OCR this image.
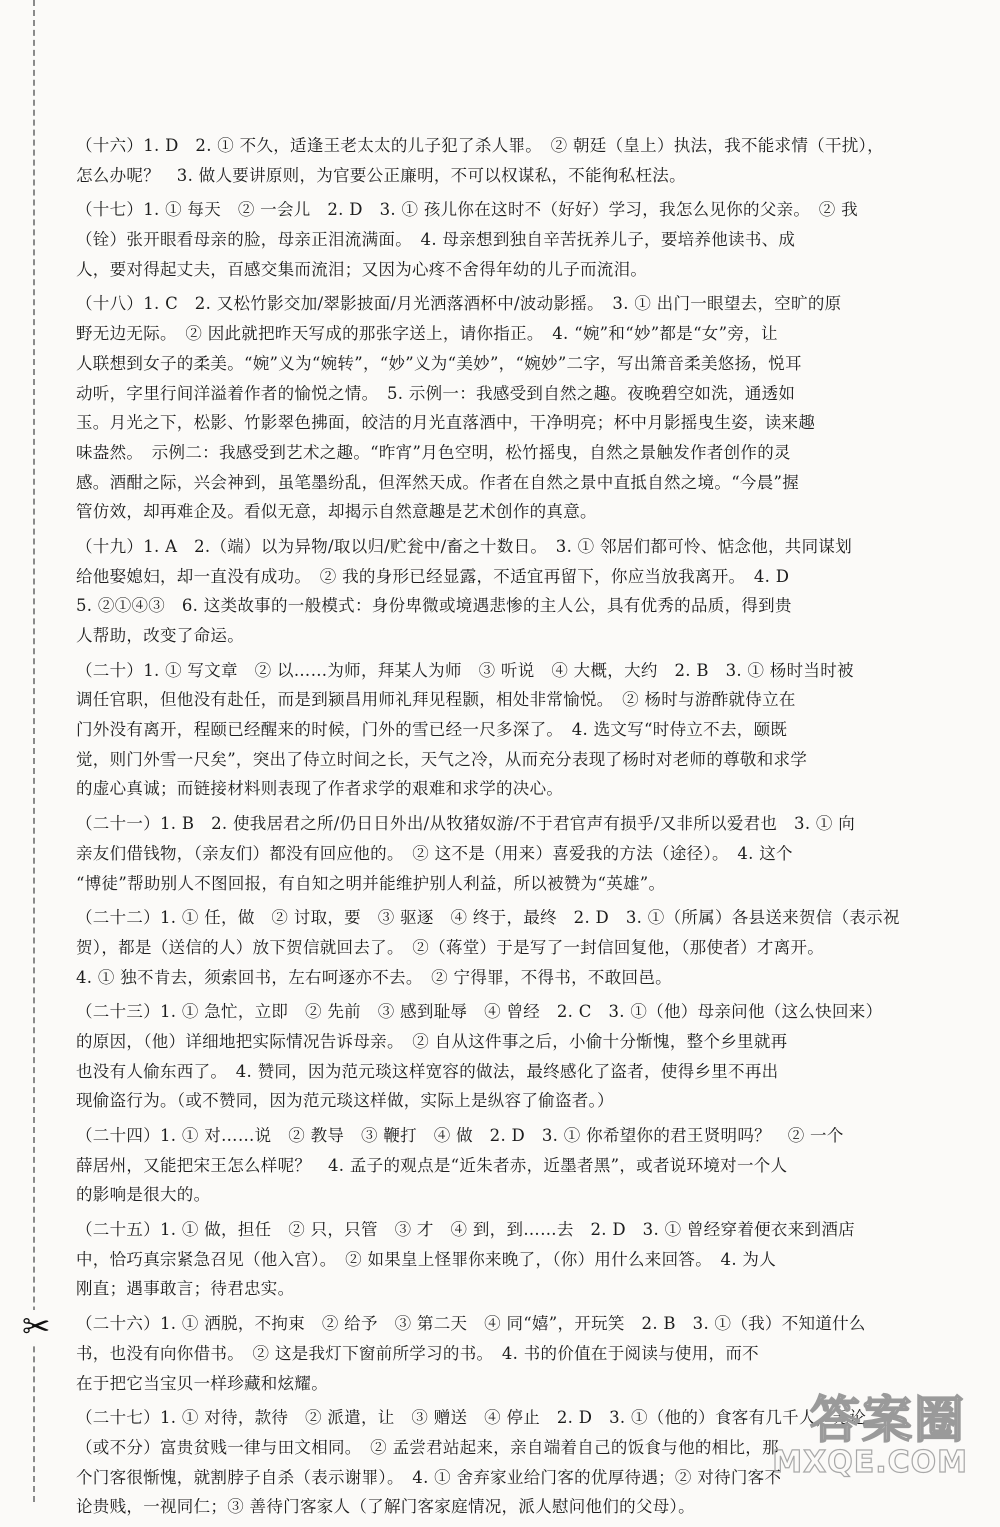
✂
（十六）1. D　2. ① 不久，适逢王老太太的儿子犯了杀人罪。　② 朝廷（皇上）执法，我不能求情（干扰），
怎么办呢？　3. 做人要讲原则，为官要公正廉明，不可以权谋私，不能徇私枉法。
（十七）1. ① 每天　② 一会儿　2. D　3. ① 孩儿你在这时不（好好）学习，我怎么见你的父亲。　② 我
（铨）张开眼看母亲的脸，母亲正泪流满面。　4. 母亲想到独自辛苦抚养儿子，要培养他读书、成
人，要对得起丈夫，百感交集而流泪；又因为心疼不舍得年幼的儿子而流泪。
（十八）1. C　2. 又松竹影交加/翠影披面/月光洒落酒杯中/波动影摇。　3. ① 出门一眼望去，空旷的原
野无边无际。　② 因此就把昨天写成的那张字送上，请你指正。　4. “婉”和“妙”都是“女”旁，让
人联想到女子的柔美。“婉”义为“婉转”，“妙”义为“美妙”，“婉妙”二字，写出箫音柔美悠扬，悦耳
动听，字里行间洋溢着作者的愉悦之情。　5. 示例一：我感受到自然之趣。夜晚碧空如洗，通透如
玉。月光之下，松影、竹影翠色拂面，皎洁的月光直落酒中，干净明亮；杯中月影摇曳生姿，读来趣
味盎然。　示例二：我感受到艺术之趣。“昨宵”月色空明，松竹摇曳，自然之景触发作者创作的灵
感。酒酣之际，兴会神到，虽笔墨纷乱，但浑然天成。作者在自然之景中直抵自然之境。“今晨”握
管仿效，却再难企及。看似无意，却揭示自然意趣是艺术创作的真意。
（十九）1. A　2.（端）以为异物/取以归/贮瓮中/畜之十数日。　3. ① 邻居们都可怜、惦念他，共同谋划
给他娶媳妇，却一直没有成功。　② 我的身形已经显露，不适宜再留下，你应当放我离开。　4. D
5. ②①④③　6. 这类故事的一般模式：身份卑微或境遇悲惨的主人公，具有优秀的品质，得到贵
人帮助，改变了命运。
（二十）1. ① 写文章　② 以……为师，拜某人为师　③ 听说　④ 大概，大约　2. B　3. ① 杨时当时被
调任官职，但他没有赴任，而是到颍昌用师礼拜见程颢，相处非常愉悦。　② 杨时与游酢就侍立在
门外没有离开，程颐已经醒来的时候，门外的雪已经一尺多深了。　4. 选文写“时侍立不去，颐既
觉，则门外雪一尺矣”，突出了侍立时间之长，天气之冷，从而充分表现了杨时对老师的尊敬和求学
的虚心真诚；而链接材料则表现了作者求学的艰难和求学的决心。
（二十一）1. B　2. 使我居君之所/仍日日外出/从牧猪奴游/不于君官声有损乎/又非所以爱君也　3. ① 向
亲友们借钱物，（亲友们）都没有回应他的。　② 这不是（用来）喜爱我的方法（途径）。　4. 这个
“博徒”帮助别人不图回报，有自知之明并能维护别人利益，所以被赞为“英雄”。
（二十二）1. ① 任，做　② 讨取，要　③ 驱逐　④ 终于，最终　2. D　3. ①（所属）各县送来贺信（表示祝
贺），都是（送信的人）放下贺信就回去了。　②（蒋堂）于是写了一封信回复他，（那使者）才离开。
4. ① 独不肯去，须索回书，左右呵逐亦不去。　② 宁得罪，不得书，不敢回邑。
（二十三）1. ① 急忙，立即　② 先前　③ 感到耻辱　④ 曾经　2. C　3. ①（他）母亲问他（这么快回来）
的原因，（他）详细地把实际情况告诉母亲。　② 自从这件事之后，小偷十分惭愧，整个乡里就再
也没有人偷东西了。　4. 赞同，因为范元琰这样宽容的做法，最终感化了盗者，使得乡里不再出
现偷盗行为。（或不赞同，因为范元琰这样做，实际上是纵容了偷盗者。）
（二十四）1. ① 对……说　② 教导　③ 鞭打　④ 做　2. D　3. ① 你希望你的君王贤明吗？　② 一个
薛居州，又能把宋王怎么样呢？　4. 孟子的观点是“近朱者赤，近墨者黑”，或者说环境对一个人
的影响是很大的。
（二十五）1. ① 做，担任　② 只，只管　③ 才　④ 到，到……去　2. D　3. ① 曾经穿着便衣来到酒店
中，恰巧真宗紧急召见（他入宫）。　② 如果皇上怪罪你来晚了，（你）用什么来回答。　4. 为人
刚直；遇事敢言；待君忠实。
（二十六）1. ① 洒脱，不拘束　② 给予　③ 第二天　④ 同“嬉”，开玩笑　2. B　3. ①（我）不知道什么
书，也没有向你借书。　② 这是我灯下窗前所学习的书。　4. 书的价值在于阅读与使用，而不
在于把它当宝贝一样珍藏和炫耀。
（二十七）1. ① 对待，款待　② 派遣，让　③ 赠送　④ 停止　2. D　3. ①（他的）食客有几千人，无论
（或不分）富贵贫贱一律与田文相同。　② 孟尝君站起来，亲自端着自己的饭食与他的相比，那
个门客很惭愧，就割脖子自杀（表示谢罪）。　4. ① 舍弃家业给门客的优厚待遇；② 对待门客不
论贵贱，一视同仁；③ 善待门客家人（了解门客家庭情况，派人慰问他们的父母）。
答案圈
MXQE.COM
